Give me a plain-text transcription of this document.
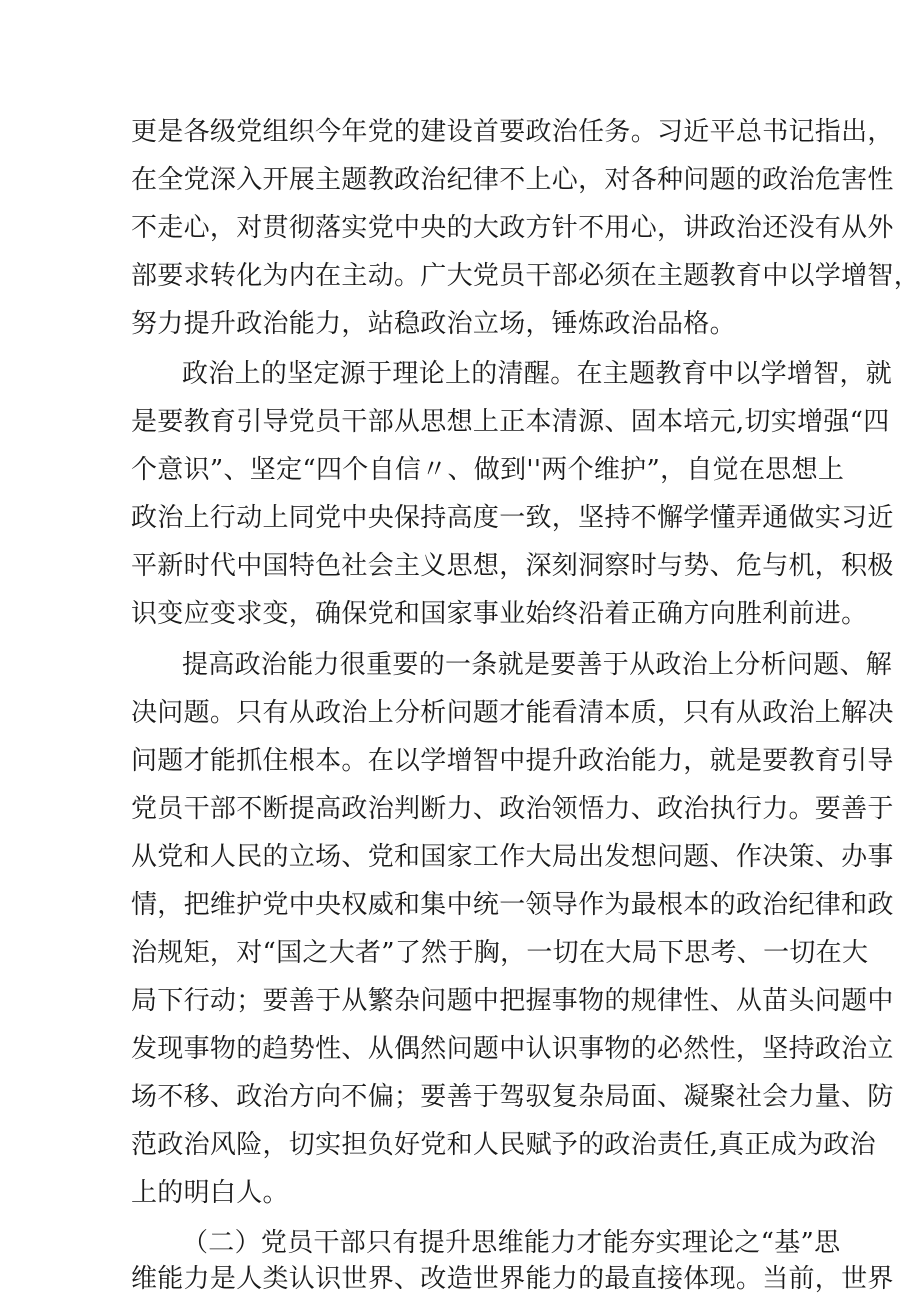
更是各级党组织今年党的建设首要政治任务。习近平总书记指出，

在全党深入开展主题教政治纪律不上心，对各种问题的政治危害性

不走心，对贯彻落实党中央的大政方针不用心，讲政治还没有从外

部要求转化为内在主动。广大党员干部必须在主题教育中以学增智，

努力提升政治能力，站稳政治立场，锤炼政治品格。

政治上的坚定源于理论上的清醒。在主题教育中以学增智，就

是要教育引导党员干部从思想上正本清源、固本培元,切实增强“四

个意识”、坚定“四个自信〃、做到''两个维护”，自觉在思想上

政治上行动上同党中央保持高度一致，坚持不懈学懂弄通做实习近

平新时代中国特色社会主义思想，深刻洞察时与势、危与机，积极

识变应变求变，确保党和国家事业始终沿着正确方向胜利前进。

提高政治能力很重要的一条就是要善于从政治上分析问题、解

决问题。只有从政治上分析问题才能看清本质，只有从政治上解决

问题才能抓住根本。在以学增智中提升政治能力，就是要教育引导

党员干部不断提高政治判断力、政治领悟力、政治执行力。要善于

从党和人民的立场、党和国家工作大局出发想问题、作决策、办事

情，把维护党中央权威和集中统一领导作为最根本的政治纪律和政

治规矩，对“国之大者”了然于胸，一切在大局下思考、一切在大

局下行动；要善于从繁杂问题中把握事物的规律性、从苗头问题中

发现事物的趋势性、从偶然问题中认识事物的必然性，坚持政治立

场不移、政治方向不偏；要善于驾驭复杂局面、凝聚社会力量、防

范政治风险，切实担负好党和人民赋予的政治责任,真正成为政治

上的明白人。

（二）党员干部只有提升思维能力才能夯实理论之“基”思

维能力是人类认识世界、改造世界能力的最直接体现。当前，世界
